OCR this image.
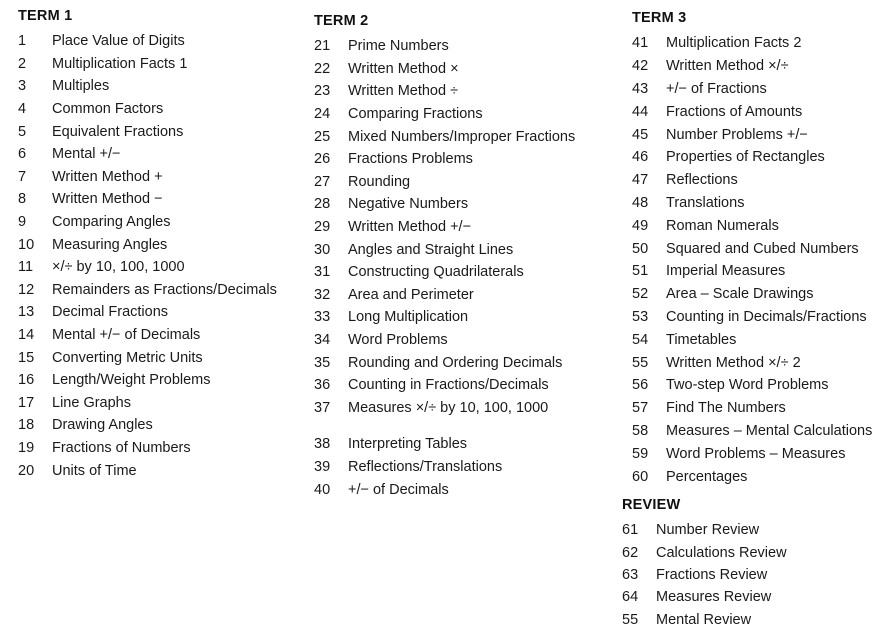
TERM 1
1	Place Value of Digits
2	Multiplication Facts 1
3	Multiples
4	Common Factors
5	Equivalent Fractions
6	Mental +/−
7	Written Method +
8	Written Method −
9	Comparing Angles
10	Measuring Angles
11	×/÷ by 10, 100, 1000
12	Remainders as Fractions/Decimals
13	Decimal Fractions
14	Mental +/− of Decimals
15	Converting Metric Units
16	Length/Weight Problems
17	Line Graphs
18	Drawing Angles
19	Fractions of Numbers
20	Units of Time
TERM 2
21	Prime Numbers
22	Written Method ×
23	Written Method ÷
24	Comparing Fractions
25	Mixed Numbers/Improper Fractions
26	Fractions Problems
27	Rounding
28	Negative Numbers
29	Written Method +/−
30	Angles and Straight Lines
31	Constructing Quadrilaterals
32	Area and Perimeter
33	Long Multiplication
34	Word Problems
35	Rounding and Ordering Decimals
36	Counting in Fractions/Decimals
37	Measures ×/÷ by 10, 100, 1000
38	Interpreting Tables
39	Reflections/Translations
40	+/− of Decimals
TERM 3
41	Multiplication Facts 2
42	Written Method ×/÷
43	+/− of Fractions
44	Fractions of Amounts
45	Number Problems +/−
46	Properties of Rectangles
47	Reflections
48	Translations
49	Roman Numerals
50	Squared and Cubed Numbers
51	Imperial Measures
52	Area – Scale Drawings
53	Counting in Decimals/Fractions
54	Timetables
55	Written Method ×/÷ 2
56	Two-step Word Problems
57	Find The Numbers
58	Measures – Mental Calculations
59	Word Problems – Measures
60	Percentages
REVIEW
61	Number Review
62	Calculations Review
63	Fractions Review
64	Measures Review
55	Mental Review
